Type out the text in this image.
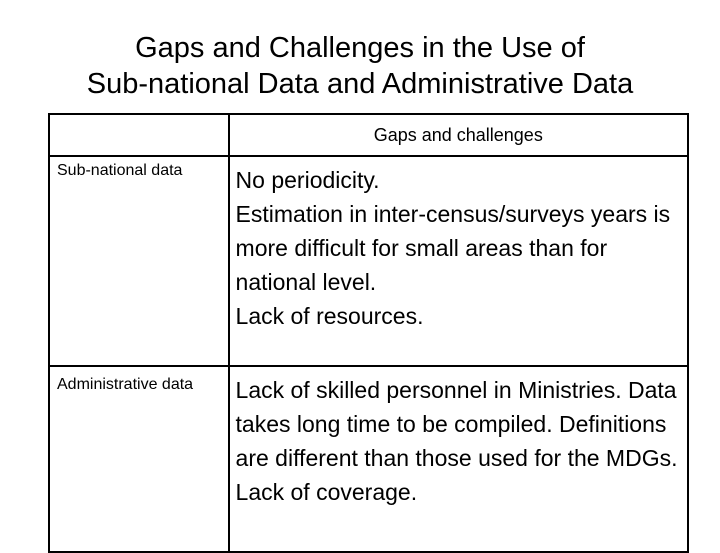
Gaps and Challenges in the Use of
Sub-national Data and Administrative Data
	Gaps and challenges
Sub-national data	No periodicity.

Estimation in inter-census/surveys years is more difficult for small areas than for national level.

Lack of resources.

Administrative data	Lack of skilled personnel in Ministries. Data takes long time to be compiled. Definitions are different than those used for the MDGs. Lack of coverage.
